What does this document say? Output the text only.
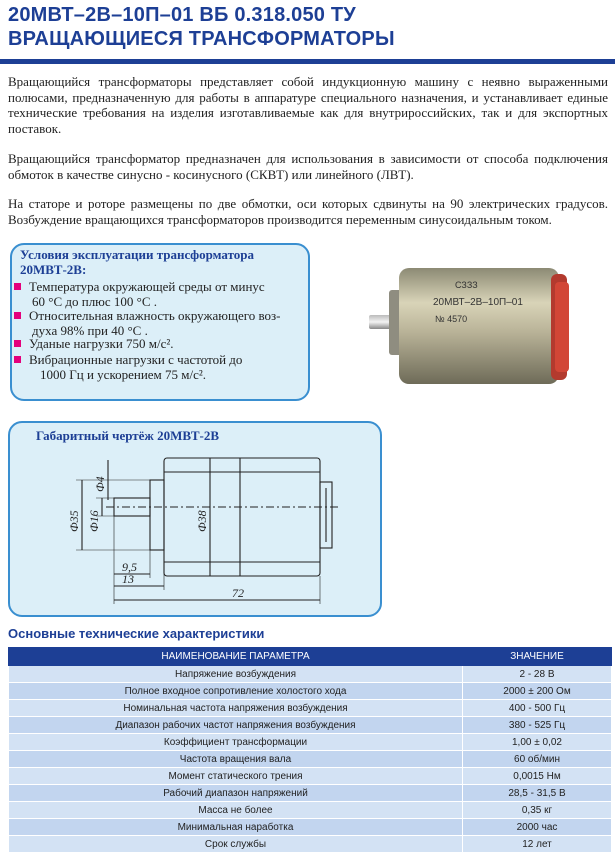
20МВТ–2В–10П–01 ВБ 0.318.050 ТУ
ВРАЩАЮЩИЕСЯ ТРАНСФОРМАТОРЫ
Вращающийся трансформаторы представляет собой индукционную машину с неявно выраженными полюсами, предназначенную для работы в аппаратуре специального назначения, и устанавливает единые технические требования на изделия изготавливаемые как для внутрироссийских, так и для экспортных поставок.
Вращающийся трансформатор предназначен для использования в зависимости от способа подключения обмоток в качестве синусно - косинусного (СКВТ) или линейного (ЛВТ).
На статоре и роторе размещены по две обмотки, оси которых сдвинуты на 90 электрических градусов. Возбуждение вращающихся трансформаторов производится переменным синусоидальным током.
Условия эксплуатации трансформатора 20МВТ-2В:
Температура окружающей среды от минус
60 °С до плюс 100 °С .
Относительная влажность окружающего воз-
духа 98% при 40 °С .
Уданые нагрузки 750 м/с².
Вибрационные нагрузки с частотой до
1000 Гц и ускорением 75 м/с².
СЗЗЗ
20МВТ–2В–10П–01
№ 4570
Габаритный чертёж 20МВТ-2В
Ф35 Ф16
Ф4
Ф38
9,5
13
72
Основные технические характеристики
НАИМЕНОВАНИЕ ПАРАМЕТРА	ЗНАЧЕНИЕ
Напряжение возбуждения	2 - 28 В
Полное входное сопротивление холостого хода	2000 ± 200 Ом
Номинальная частота напряжения возбуждения	400 - 500 Гц
Диапазон рабочих частот напряжения возбуждения	380 - 525 Гц
Коэффициент трансформации	1,00 ± 0,02
Частота вращения вала	60 об/мин
Момент статического трения	0,0015 Нм
Рабочий диапазон напряжений	28,5 - 31,5 В
Масса не более	0,35 кг
Минимальная наработка	2000 час
Срок службы	12 лет
